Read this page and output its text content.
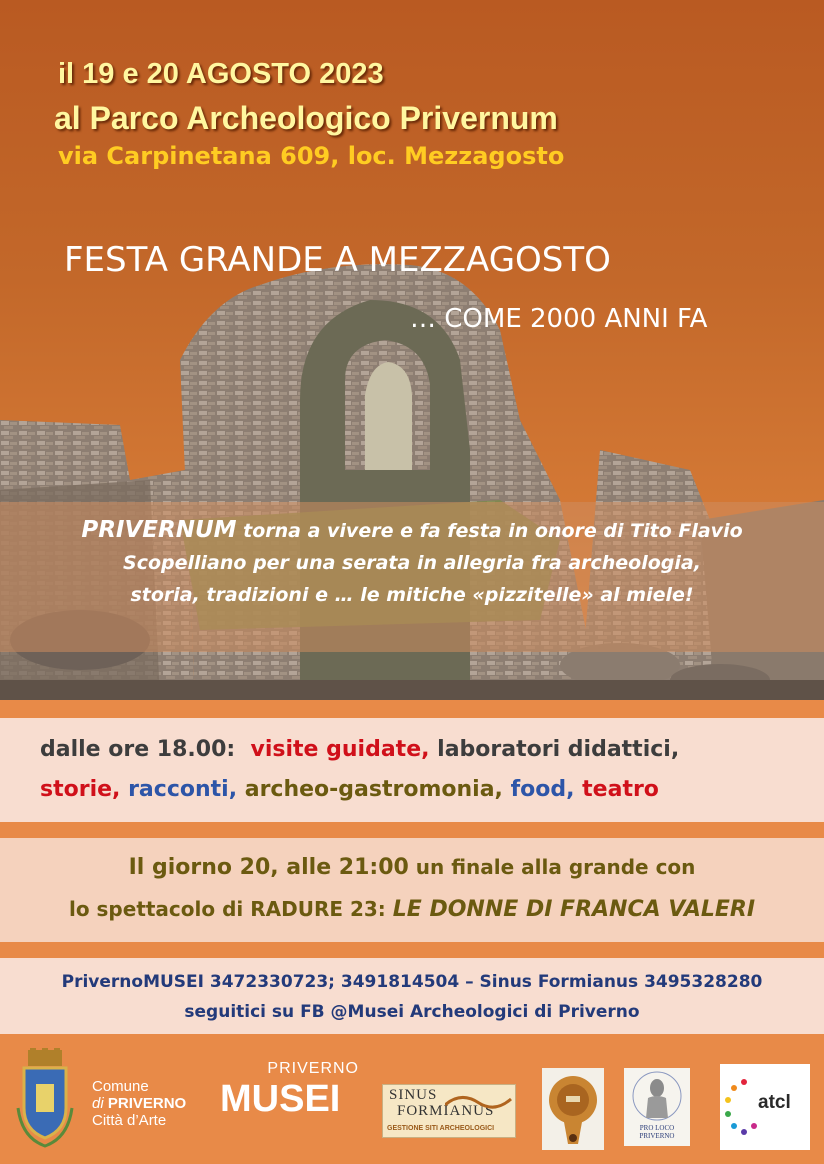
il 19 e 20 AGOSTO 2023
al Parco Archeologico Privernum
via Carpinetana 609, loc. Mezzagosto
FESTA GRANDE A MEZZAGOSTO
… COME 2000 ANNI FA
PRIVERNUM torna a vivere e fa festa in onore di Tito Flavio
Scopelliano per una serata in allegria fra archeologia,
storia, tradizioni e … le mitiche «pizzitelle» al miele!
dalle ore 18.00: visite guidate, laboratori didattici,
storie, racconti, archeo-gastromonia, food, teatro
Il giorno 20, alle 21:00 un finale alla grande con
lo spettacolo di RADURE 23: LE DONNE DI FRANCA VALERI
PrivernoMUSEI 3472330723; 3491814504 – Sinus Formianus 3495328280
seguitici su FB @Musei Archeologici di Priverno
Comune
di PRIVERNO
Città d’Arte
PRIVERNO
MUSEI	SINUS
FORMIANUS
GESTIONE SITI ARCHEOLOGICI	PRO LOCO PRIVERNO
atcl
